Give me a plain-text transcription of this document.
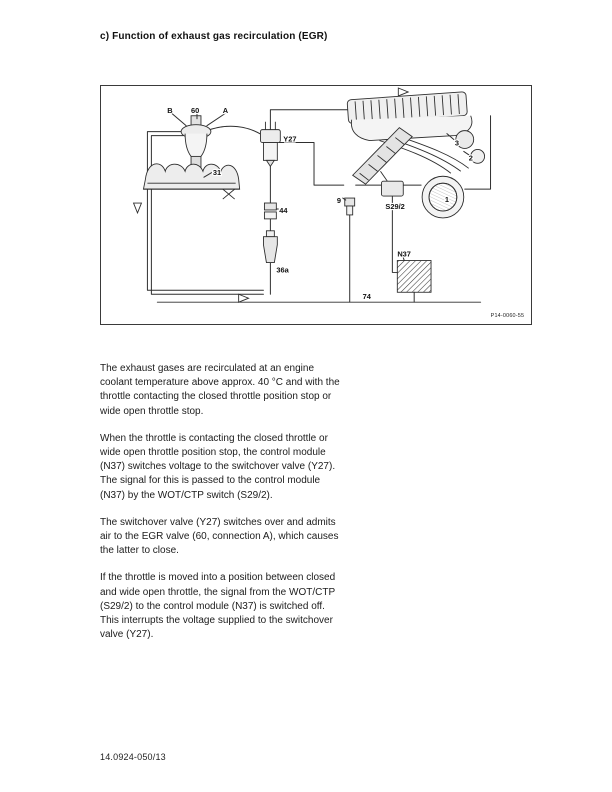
c) Function of exhaust gas recirculation (EGR)
B 60	A
Y27
31
44
36a
9
S29/2
3
2
1
N37
74
P14-0060-55

The exhaust gases are recirculated at an engine coolant temperature above approx. 40 °C and with the throttle contacting the closed throttle position stop or wide open throttle stop.

When the throttle is contacting the closed throttle or wide open throttle position stop, the control module (N37) switches voltage to the switchover valve (Y27). The signal for this is passed to the control module (N37) by the WOT/CTP switch (S29/2).

The switchover valve (Y27) switches over and admits air to the EGR valve (60, connection A), which causes the latter to close.

If the throttle is moved into a position between closed and wide open throttle, the signal from the WOT/CTP (S29/2) to the control module (N37) is switched off. This interrupts the voltage supplied to the switchover valve (Y27).

14.0924-050/13
